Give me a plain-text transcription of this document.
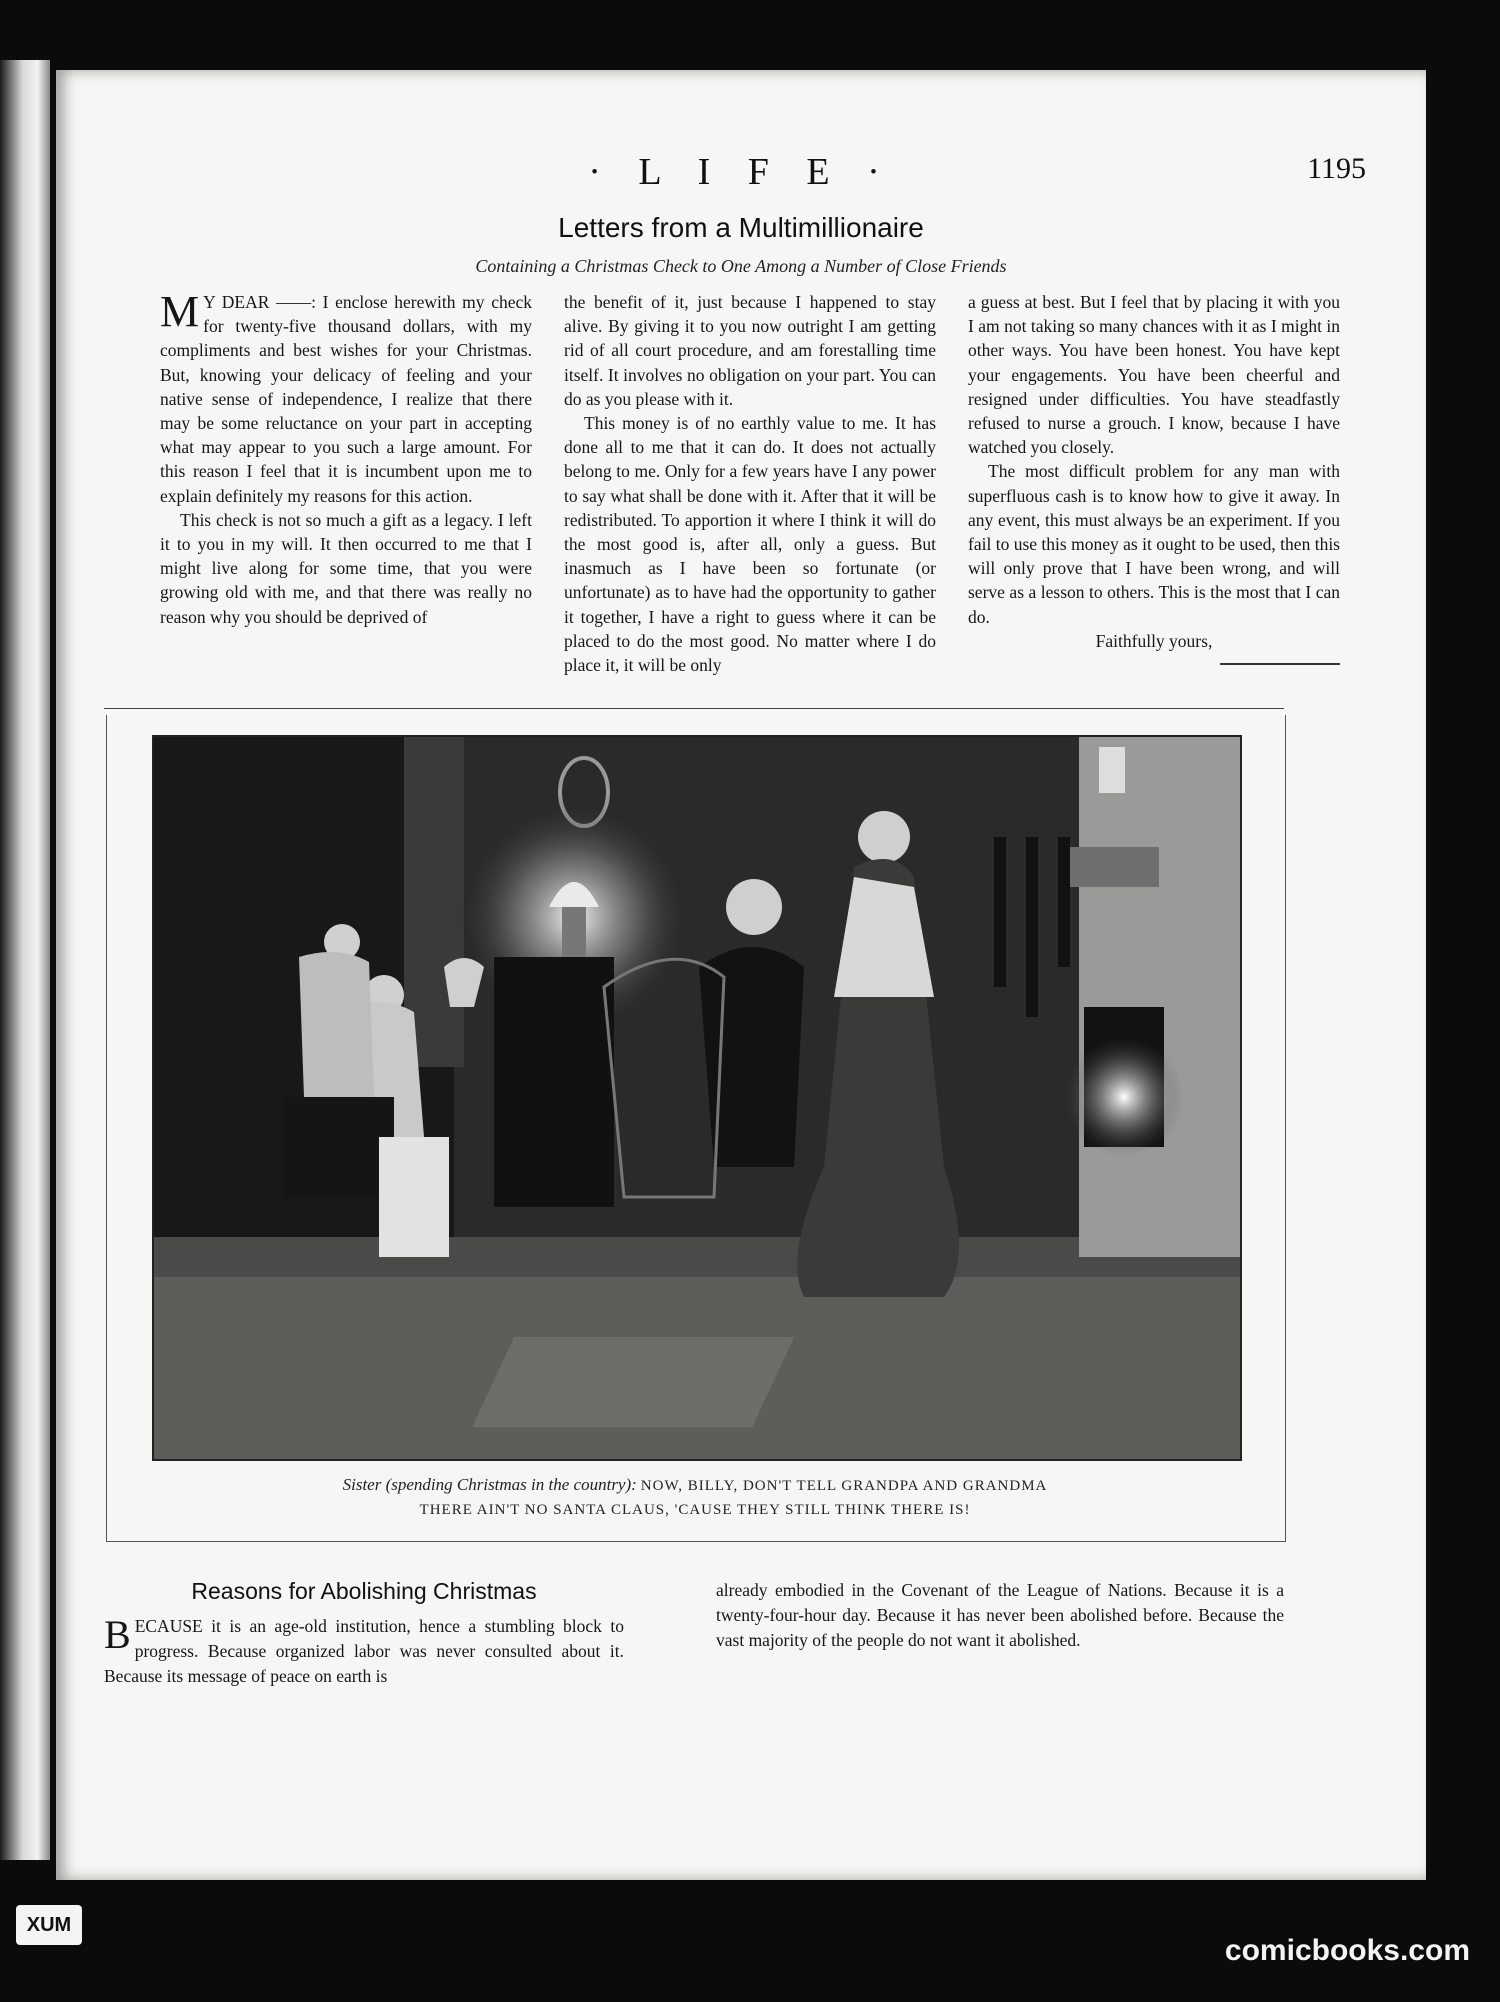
· L I F E ·	1195
Letters from a Multimillionaire
Containing a Christmas Check to One Among a Number of Close Friends

M Y DEAR ——: I enclose herewith my check for twenty-five thousand dollars, with my compliments and best wishes for your Christmas. But, knowing your delicacy of feeling and your native sense of independence, I realize that there may be some reluctance on your part in accepting what may appear to you such a large amount. For this reason I feel that it is incumbent upon me to explain definitely my reasons for this action.

This check is not so much a gift as a legacy. I left it to you in my will. It then occurred to me that I might live along for some time, that you were growing old with me, and that there was really no reason why you should be deprived of

the benefit of it, just because I happened to stay alive. By giving it to you now outright I am getting rid of all court procedure, and am forestalling time itself. It involves no obligation on your part. You can do as you please with it.

This money is of no earthly value to me. It has done all to me that it can do. It does not actually belong to me. Only for a few years have I any power to say what shall be done with it. After that it will be redistributed. To apportion it where I think it will do the most good is, after all, only a guess. But inasmuch as I have been so fortunate (or unfortunate) as to have had the opportunity to gather it together, I have a right to guess where it can be placed to do the most good. No matter where I do place it, it will be only

a guess at best. But I feel that by placing it with you I am not taking so many chances with it as I might in other ways. You have been honest. You have kept your engagements. You have been cheerful and resigned under difficulties. You have steadfastly refused to nurse a grouch. I know, because I have watched you closely.

The most difficult problem for any man with superfluous cash is to know how to give it away. In any event, this must always be an experiment. If you fail to use this money as it ought to be used, then this will only prove that I have been wrong, and will serve as a lesson to others. This is the most that I can do.

Faithfully yours,

Sister (spending Christmas in the country): NOW, BILLY, DON'T TELL GRANDPA AND GRANDMA
THERE AIN'T NO SANTA CLAUS, 'CAUSE THEY STILL THINK THERE IS!
Reasons for Abolishing Christmas
BECAUSE it is an age-old institution, hence a stumbling block to progress. Because organized labor was never consulted about it. Because its message of peace on earth is
already embodied in the Covenant of the League of Nations. Because it is a twenty-four-hour day. Because it has never been abolished before. Because the vast majority of the people do not want it abolished.
XUM
comicbooks.com
